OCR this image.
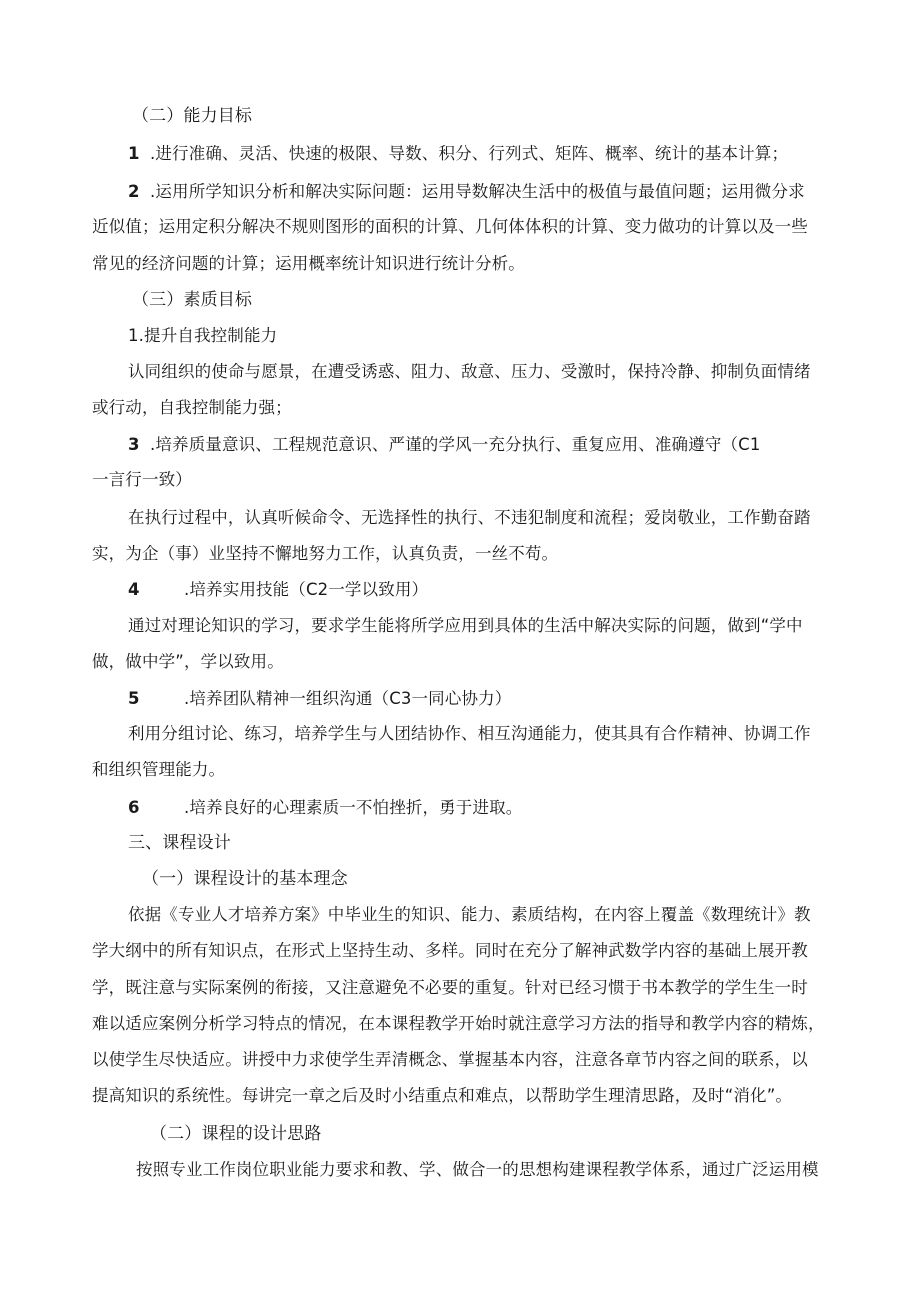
（二）能力目标
1 .进行准确、灵活、快速的极限、导数、积分、行列式、矩阵、概率、统计的基本计算；
2 .运用所学知识分析和解决实际问题：运用导数解决生活中的极值与最值问题；运用微分求
近似值；运用定积分解决不规则图形的面积的计算、几何体体积的计算、变力做功的计算以及一些
常见的经济问题的计算；运用概率统计知识进行统计分析。
（三）素质目标
1.提升自我控制能力
认同组织的使命与愿景，在遭受诱惑、阻力、敌意、压力、受激时，保持冷静、抑制负面情绪
或行动，自我控制能力强；
3 .培养质量意识、工程规范意识、严谨的学风一充分执行、重复应用、准确遵守（C1
一言行一致）
在执行过程中，认真听候命令、无选择性的执行、不违犯制度和流程；爱岗敬业，工作勤奋踏
实，为企（事）业坚持不懈地努力工作，认真负责，一丝不苟。
4	.培养实用技能（C2一学以致用）
通过对理论知识的学习，要求学生能将所学应用到具体的生活中解决实际的问题，做到“学中
做，做中学”，学以致用。
5	.培养团队精神一组织沟通（C3一同心协力）
利用分组讨论、练习，培养学生与人团结协作、相互沟通能力，使其具有合作精神、协调工作
和组织管理能力。
6	.培养良好的心理素质一不怕挫折，勇于进取。
三、课程设计
（一）课程设计的基本理念
依据《专业人才培养方案》中毕业生的知识、能力、素质结构，在内容上覆盖《数理统计》教
学大纲中的所有知识点，在形式上坚持生动、多样。同时在充分了解神武数学内容的基础上展开教
学，既注意与实际案例的衔接，又注意避免不必要的重复。针对已经习惯于书本教学的学生生一时
难以适应案例分析学习特点的情况，在本课程教学开始时就注意学习方法的指导和教学内容的精炼，
以使学生尽快适应。讲授中力求使学生弄清概念、掌握基本内容，注意各章节内容之间的联系，以
提高知识的系统性。每讲完一章之后及时小结重点和难点，以帮助学生理清思路，及时“消化”。
（二）课程的设计思路
按照专业工作岗位职业能力要求和教、学、做合一的思想构建课程教学体系，通过广泛运用模
